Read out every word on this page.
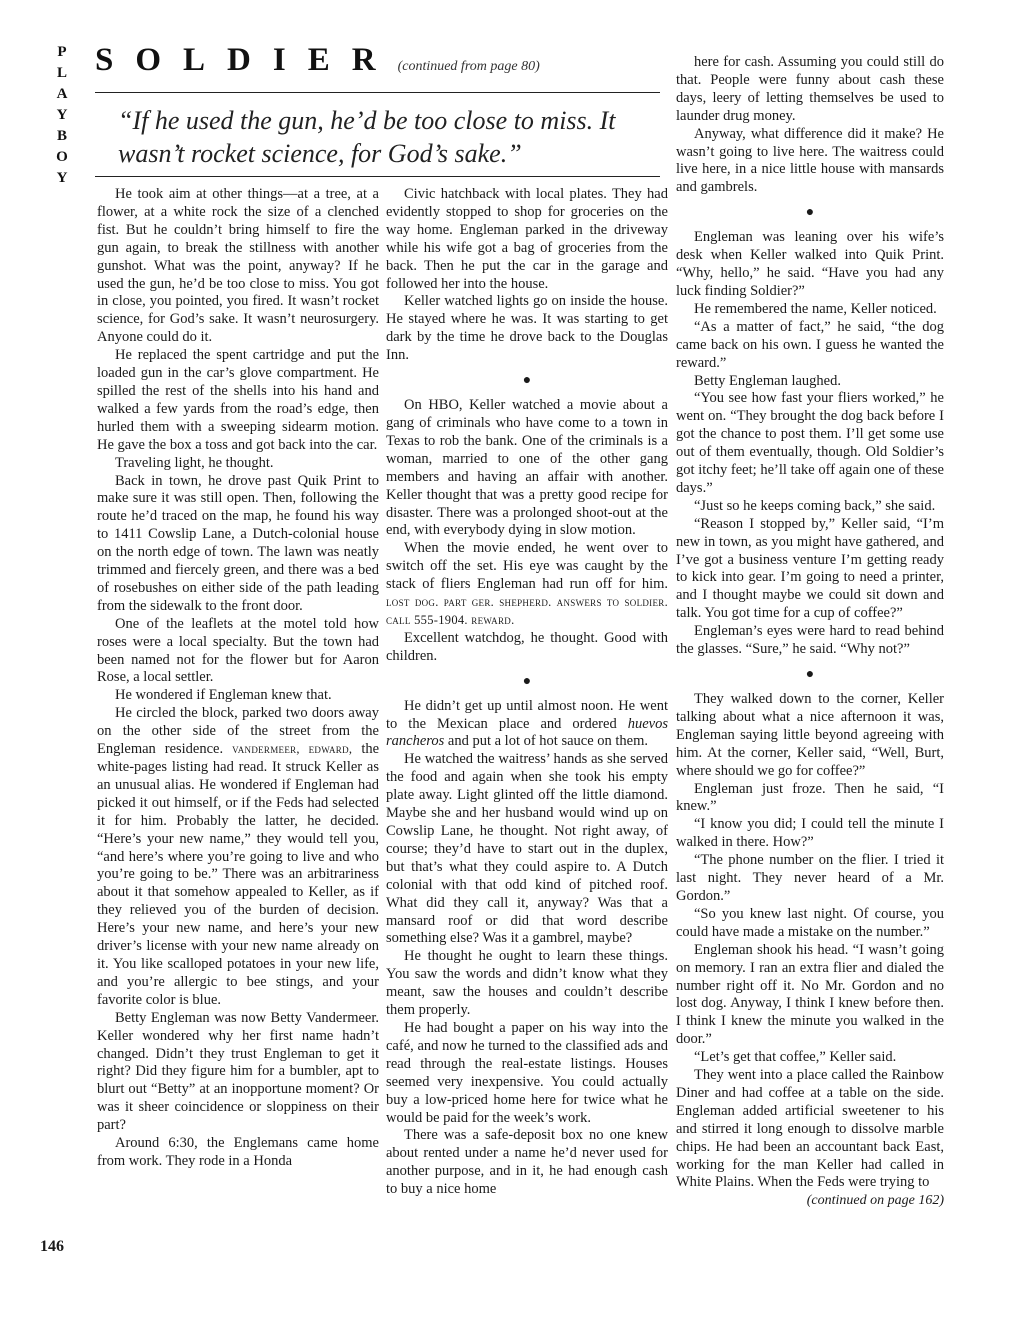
P
L
A
Y
B
O
Y
SOLDIER (continued from page 80)
“If he used the gun, he’d be too close to miss. It wasn’t rocket science, for God’s sake.”

He took aim at other things—at a tree, at a flower, at a white rock the size of a clenched fist. But he couldn’t bring himself to fire the gun again, to break the stillness with another gunshot. What was the point, anyway? If he used the gun, he’d be too close to miss. You got in close, you pointed, you fired. It wasn’t rocket science, for God’s sake. It wasn’t neurosurgery. Anyone could do it.

He replaced the spent cartridge and put the loaded gun in the car’s glove compartment. He spilled the rest of the shells into his hand and walked a few yards from the road’s edge, then hurled them with a sweeping sidearm motion. He gave the box a toss and got back into the car.

Traveling light, he thought.

Back in town, he drove past Quik Print to make sure it was still open. Then, following the route he’d traced on the map, he found his way to 1411 Cowslip Lane, a Dutch-colonial house on the north edge of town. The lawn was neatly trimmed and fiercely green, and there was a bed of rosebushes on either side of the path leading from the sidewalk to the front door.

One of the leaflets at the motel told how roses were a local specialty. But the town had been named not for the flower but for Aaron Rose, a local settler.

He wondered if Engleman knew that.

He circled the block, parked two doors away on the other side of the street from the Engleman residence. vandermeer, edward, the white-pages listing had read. It struck Keller as an unusual alias. He wondered if Engleman had picked it out himself, or if the Feds had selected it for him. Probably the latter, he decided. “Here’s your new name,” they would tell you, “and here’s where you’re going to live and who you’re going to be.” There was an arbitrariness about it that somehow appealed to Keller, as if they relieved you of the burden of decision. Here’s your new name, and here’s your new driver’s license with your new name already on it. You like scalloped potatoes in your new life, and you’re allergic to bee stings, and your favorite color is blue.

Betty Engleman was now Betty Vandermeer. Keller wondered why her first name hadn’t changed. Didn’t they trust Engleman to get it right? Did they figure him for a bumbler, apt to blurt out “Betty” at an inopportune moment? Or was it sheer coincidence or sloppiness on their part?

Around 6:30, the Englemans came home from work. They rode in a Honda

Civic hatchback with local plates. They had evidently stopped to shop for groceries on the way home. Engleman parked in the driveway while his wife got a bag of groceries from the back. Then he put the car in the garage and followed her into the house.

Keller watched lights go on inside the house. He stayed where he was. It was starting to get dark by the time he drove back to the Douglas Inn.

●

On HBO, Keller watched a movie about a gang of criminals who have come to a town in Texas to rob the bank. One of the criminals is a woman, married to one of the other gang members and having an affair with another. Keller thought that was a pretty good recipe for disaster. There was a prolonged shoot-out at the end, with everybody dying in slow motion.

When the movie ended, he went over to switch off the set. His eye was caught by the stack of fliers Engleman had run off for him. lost dog. part ger. shepherd. answers to soldier. call 555-1904. reward.

Excellent watchdog, he thought. Good with children.

●

He didn’t get up until almost noon. He went to the Mexican place and ordered huevos rancheros and put a lot of hot sauce on them.

He watched the waitress’ hands as she served the food and again when she took his empty plate away. Light glinted off the little diamond. Maybe she and her husband would wind up on Cowslip Lane, he thought. Not right away, of course; they’d have to start out in the duplex, but that’s what they could aspire to. A Dutch colonial with that odd kind of pitched roof. What did they call it, anyway? Was that a mansard roof or did that word describe something else? Was it a gambrel, maybe?

He thought he ought to learn these things. You saw the words and didn’t know what they meant, saw the houses and couldn’t describe them properly.

He had bought a paper on his way into the café, and now he turned to the classified ads and read through the real-estate listings. Houses seemed very inexpensive. You could actually buy a low-priced home here for twice what he would be paid for the week’s work.

There was a safe-deposit box no one knew about rented under a name he’d never used for another purpose, and in it, he had enough cash to buy a nice home

here for cash. Assuming you could still do that. People were funny about cash these days, leery of letting themselves be used to launder drug money.

Anyway, what difference did it make? He wasn’t going to live here. The waitress could live here, in a nice little house with mansards and gambrels.

●

Engleman was leaning over his wife’s desk when Keller walked into Quik Print. “Why, hello,” he said. “Have you had any luck finding Soldier?”

He remembered the name, Keller noticed.

“As a matter of fact,” he said, “the dog came back on his own. I guess he wanted the reward.”

Betty Engleman laughed.

“You see how fast your fliers worked,” he went on. “They brought the dog back before I got the chance to post them. I’ll get some use out of them eventually, though. Old Soldier’s got itchy feet; he’ll take off again one of these days.”

“Just so he keeps coming back,” she said.

“Reason I stopped by,” Keller said, “I’m new in town, as you might have gathered, and I’ve got a business venture I’m getting ready to kick into gear. I’m going to need a printer, and I thought maybe we could sit down and talk. You got time for a cup of coffee?”

Engleman’s eyes were hard to read behind the glasses. “Sure,” he said. “Why not?”

●

They walked down to the corner, Keller talking about what a nice afternoon it was, Engleman saying little beyond agreeing with him. At the corner, Keller said, “Well, Burt, where should we go for coffee?”

Engleman just froze. Then he said, “I knew.”

“I know you did; I could tell the minute I walked in there. How?”

“The phone number on the flier. I tried it last night. They never heard of a Mr. Gordon.”

“So you knew last night. Of course, you could have made a mistake on the number.”

Engleman shook his head. “I wasn’t going on memory. I ran an extra flier and dialed the number right off it. No Mr. Gordon and no lost dog. Anyway, I think I knew before then. I think I knew the minute you walked in the door.”

“Let’s get that coffee,” Keller said.

They went into a place called the Rainbow Diner and had coffee at a table on the side. Engleman added artificial sweetener to his and stirred it long enough to dissolve marble chips. He had been an accountant back East, working for the man Keller had called in White Plains. When the Feds were trying to

(continued on page 162)

146
